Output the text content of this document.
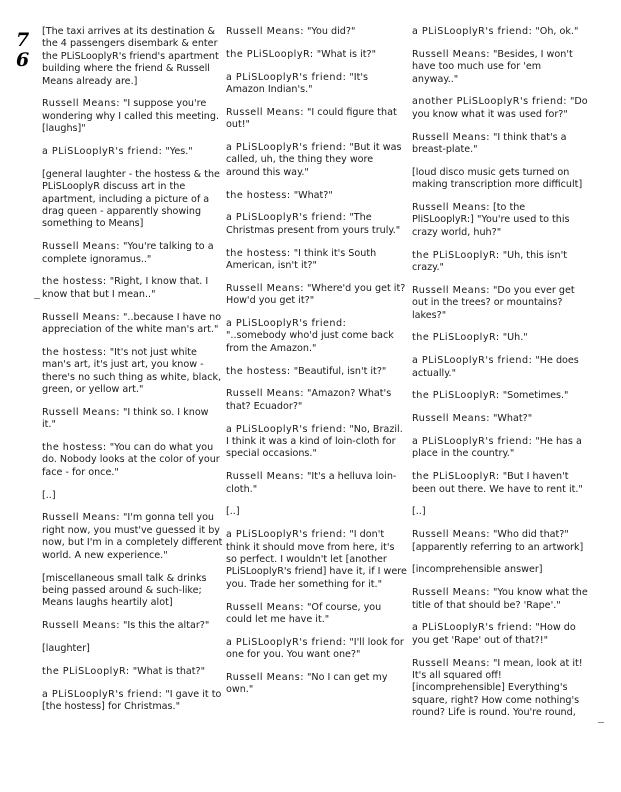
7
6

[The taxi arrives at its destination & the 4 passengers disembark & enter the PLiSLooplyR's friend's apartment building where the friend & Russell Means already are.]

Russell Means: "I suppose you're wondering why I called this meeting. [laughs]"

a PLiSLooplyR's friend: "Yes."

[general laughter - the hostess & the PLiSLooplyR discuss art in the apartment, including a picture of a drag queen - apparently showing something to Means]

Russell Means: "You're talking to a complete ignoramus.."

the hostess: "Right, I know that. I know that but I mean.."

Russell Means: "..because I have no appreciation of the white man's art."

the hostess: "It's not just white man's art, it's just art, you know - there's no such thing as white, black, green, or yellow art."

Russell Means: "I think so. I know it."

the hostess: "You can do what you do. Nobody looks at the color of your face - for once."

[..]

Russell Means: "I'm gonna tell you right now, you must've guessed it by now, but I'm in a completely different world. A new experience."

[miscellaneous small talk & drinks being passed around & such-like; Means laughs heartily alot]

Russell Means: "Is this the altar?"

[laughter]

the PLiSLooplyR: "What is that?"

a PLiSLooplyR's friend: "I gave it to [the hostess] for Christmas."

Russell Means: "You did?"

the PLiSLooplyR: "What is it?"

a PLiSLooplyR's friend: "It's Amazon Indian's."

Russell Means: "I could figure that out!"

a PLiSLooplyR's friend: "But it was called, uh, the thing they wore around this way."

the hostess: "What?"

a PLiSLooplyR's friend: "The Christmas present from yours truly."

the hostess: "I think it's South American, isn't it?"

Russell Means: "Where'd you get it? How'd you get it?"

a PLiSLooplyR's friend: "..somebody who'd just come back from the Amazon."

the hostess: "Beautiful, isn't it?"

Russell Means: "Amazon? What's that? Ecuador?"

a PLiSLooplyR's friend: "No, Brazil. I think it was a kind of loin-cloth for special occasions."

Russell Means: "It's a helluva loin-cloth."

[..]

a PLiSLooplyR's friend: "I don't think it should move from here, it's so perfect. I wouldn't let [another PLiSLooplyR's friend] have it, if I were you. Trade her something for it."

Russell Means: "Of course, you could let me have it."

a PLiSLooplyR's friend: "I'll look for one for you. You want one?"

Russell Means: "No I can get my own."

a PLiSLooplyR's friend: "Oh, ok."

Russell Means: "Besides, I won't have too much use for 'em anyway.."

another PLiSLooplyR's friend: "Do you know what it was used for?"

Russell Means: "I think that's a breast-plate."

[loud disco music gets turned on making transcription more difficult]

Russell Means: [to the PliSLooplyR:] "You're used to this crazy world, huh?"

the PLiSLooplyR: "Uh, this isn't crazy."

Russell Means: "Do you ever get out in the trees? or mountains? lakes?"

the PLiSLooplyR: "Uh."

a PLiSLooplyR's friend: "He does actually."

the PLiSLooplyR: "Sometimes."

Russell Means: "What?"

a PLiSLooplyR's friend: "He has a place in the country."

the PLiSLooplyR: "But I haven't been out there. We have to rent it."

[..]

Russell Means: "Who did that?" [apparently referring to an artwork]

[incomprehensible answer]

Russell Means: "You know what the title of that should be? 'Rape'."

a PLiSLooplyR's friend: "How do you get 'Rape' out of that?!"

Russell Means: "I mean, look at it! It's all squared off! [incomprehensible] Everything's square, right? How come nothing's round? Life is round. You're round,
